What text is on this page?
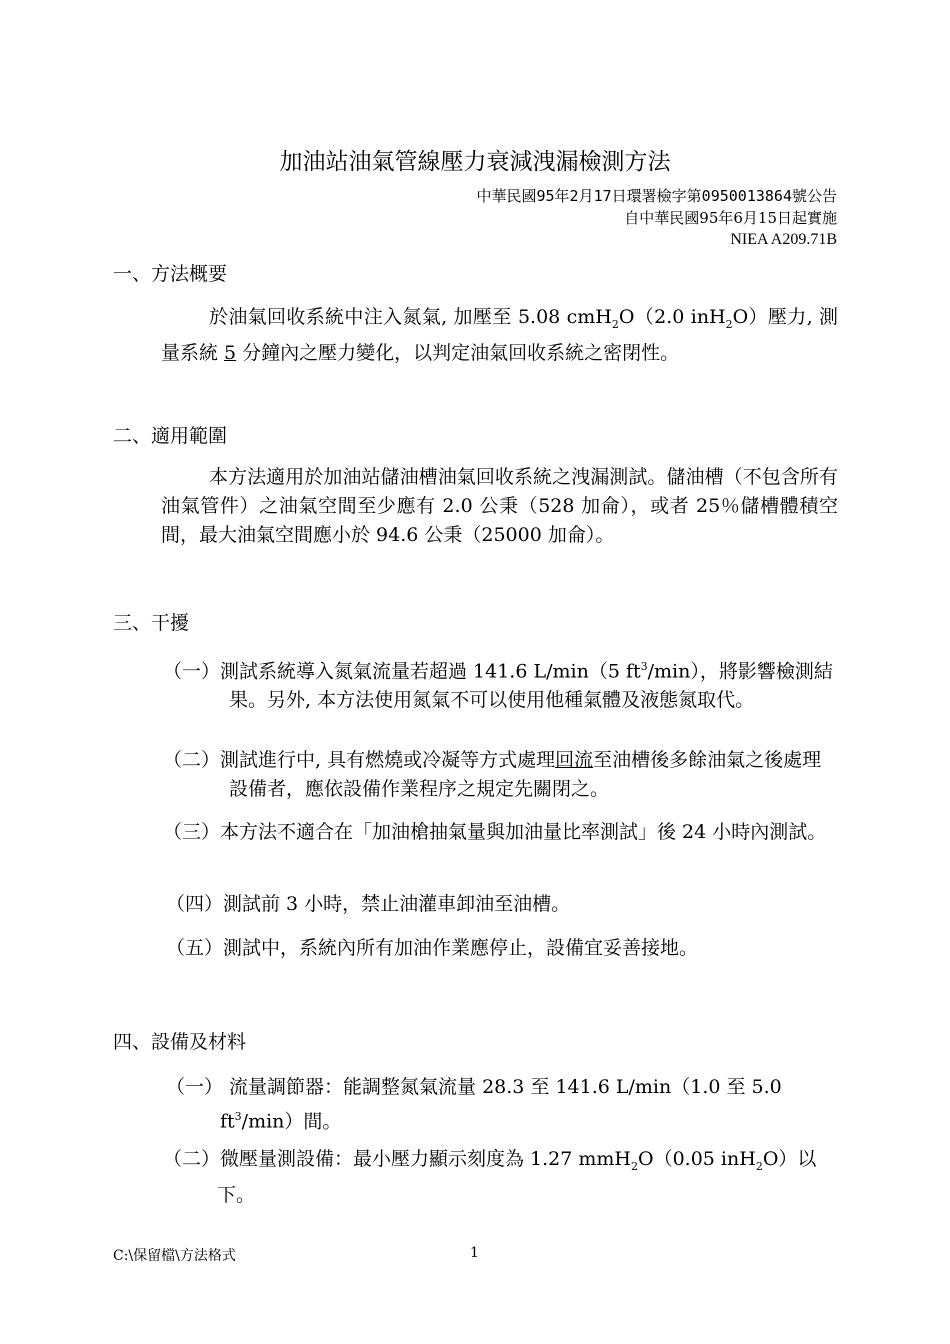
加油站油氣管線壓力衰減洩漏檢測方法
中華民國95年2月17日環署檢字第0950013864號公告
自中華民國95年6月15日起實施
NIEA A209.71B
一、方法概要
於油氣回收系統中注入氮氣, 加壓至 5.08 cmH$_2$O（2.0 inH$_2$O）壓力, 測量系統 5 分鐘內之壓力變化，以判定油氣回收系統之密閉性。
二、適用範圍
本方法適用於加油站儲油槽油氣回收系統之洩漏測試。儲油槽（不包含所有油氣管件）之油氣空間至少應有 2.0 公秉（528 加侖），或者 25％儲槽體積空間，最大油氣空間應小於 94.6 公秉（25000 加侖）。
三、干擾
（一）測試系統導入氮氣流量若超過 141.6 L/min（5 $ft^3/\min$），將影響檢測結果。另外, 本方法使用氮氣不可以使用他種氣體及液態氮取代。
（二）測試進行中, 具有燃燒或冷凝等方式處理回流至油槽後多餘油氣之後處理設備者，應依設備作業程序之規定先關閉之。
（三）本方法不適合在「加油槍抽氣量與加油量比率測試」後 24 小時內測試。
（四）測試前 3 小時，禁止油灌車卸油至油槽。
（五）測試中，系統內所有加油作業應停止，設備宜妥善接地。
四、設備及材料
（一） 流量調節器：能調整氮氣流量 28.3 至 141.6 L/min（1.0 至 5.0 $ft^3/\min$）間。
（二）微壓量測設備：最小壓力顯示刻度為 1.27 mmH$_2$O（0.05 inH$_2$O）以下。
C:\保留檔\方法格式	1
